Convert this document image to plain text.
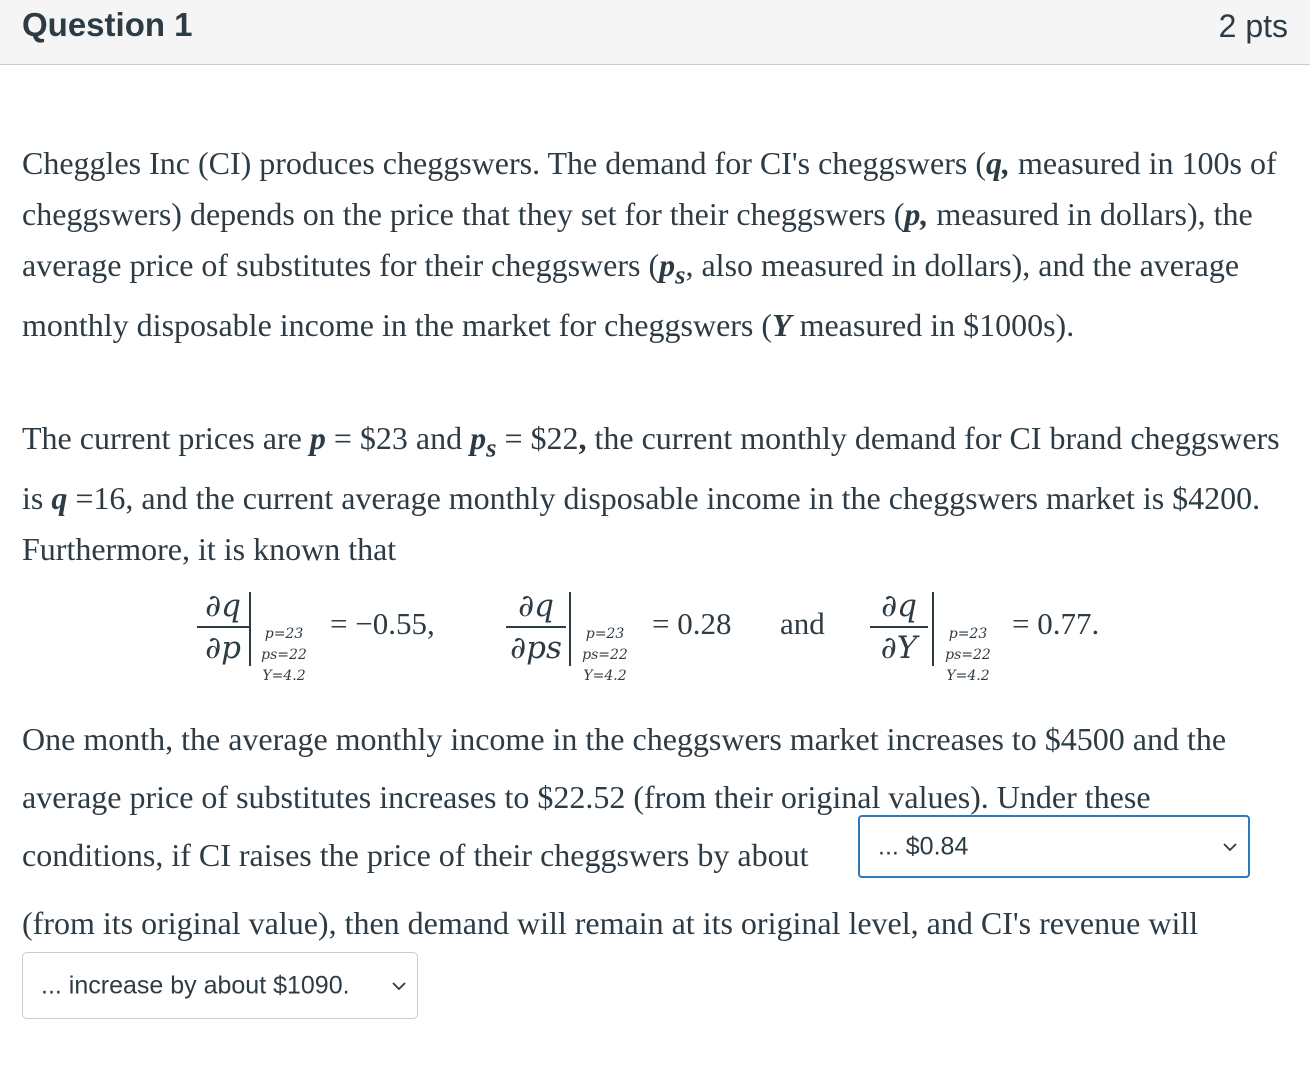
Question 1	2 pts

Cheggles Inc (CI) produces cheggswers. The demand for CI's cheggswers (q, measured in 100s of cheggswers) depends on the price that they set for their cheggswers (p, measured in dollars), the average price of substitutes for their cheggswers ($p_s$, also measured in dollars), and the average monthly disposable income in the market for cheggswers (Y measured in $1000s).

The current prices are p = $23 and $p_s$ = $22, the current monthly demand for CI brand cheggswers is q =16, and the current average monthly disposable income in the cheggswers market is $4200. Furthermore, it is known that

∂q
∂p	p=23
ps=22
Y=4.2
= −0.55,	∂q
∂ps	p=23
ps=22
Y=4.2
= 0.28 and	∂q
∂Y	p=23
ps=22
Y=4.2
= 0.77.

One month, the average monthly income in the cheggswers market increases to $4500 and the average price of substitutes increases to $22.52 (from their original values). Under these conditions, if CI raises the price of their cheggswers by about	... $0.84

(from its original value), then demand will remain at its original level, and CI's revenue will

... increase by about $1090.
